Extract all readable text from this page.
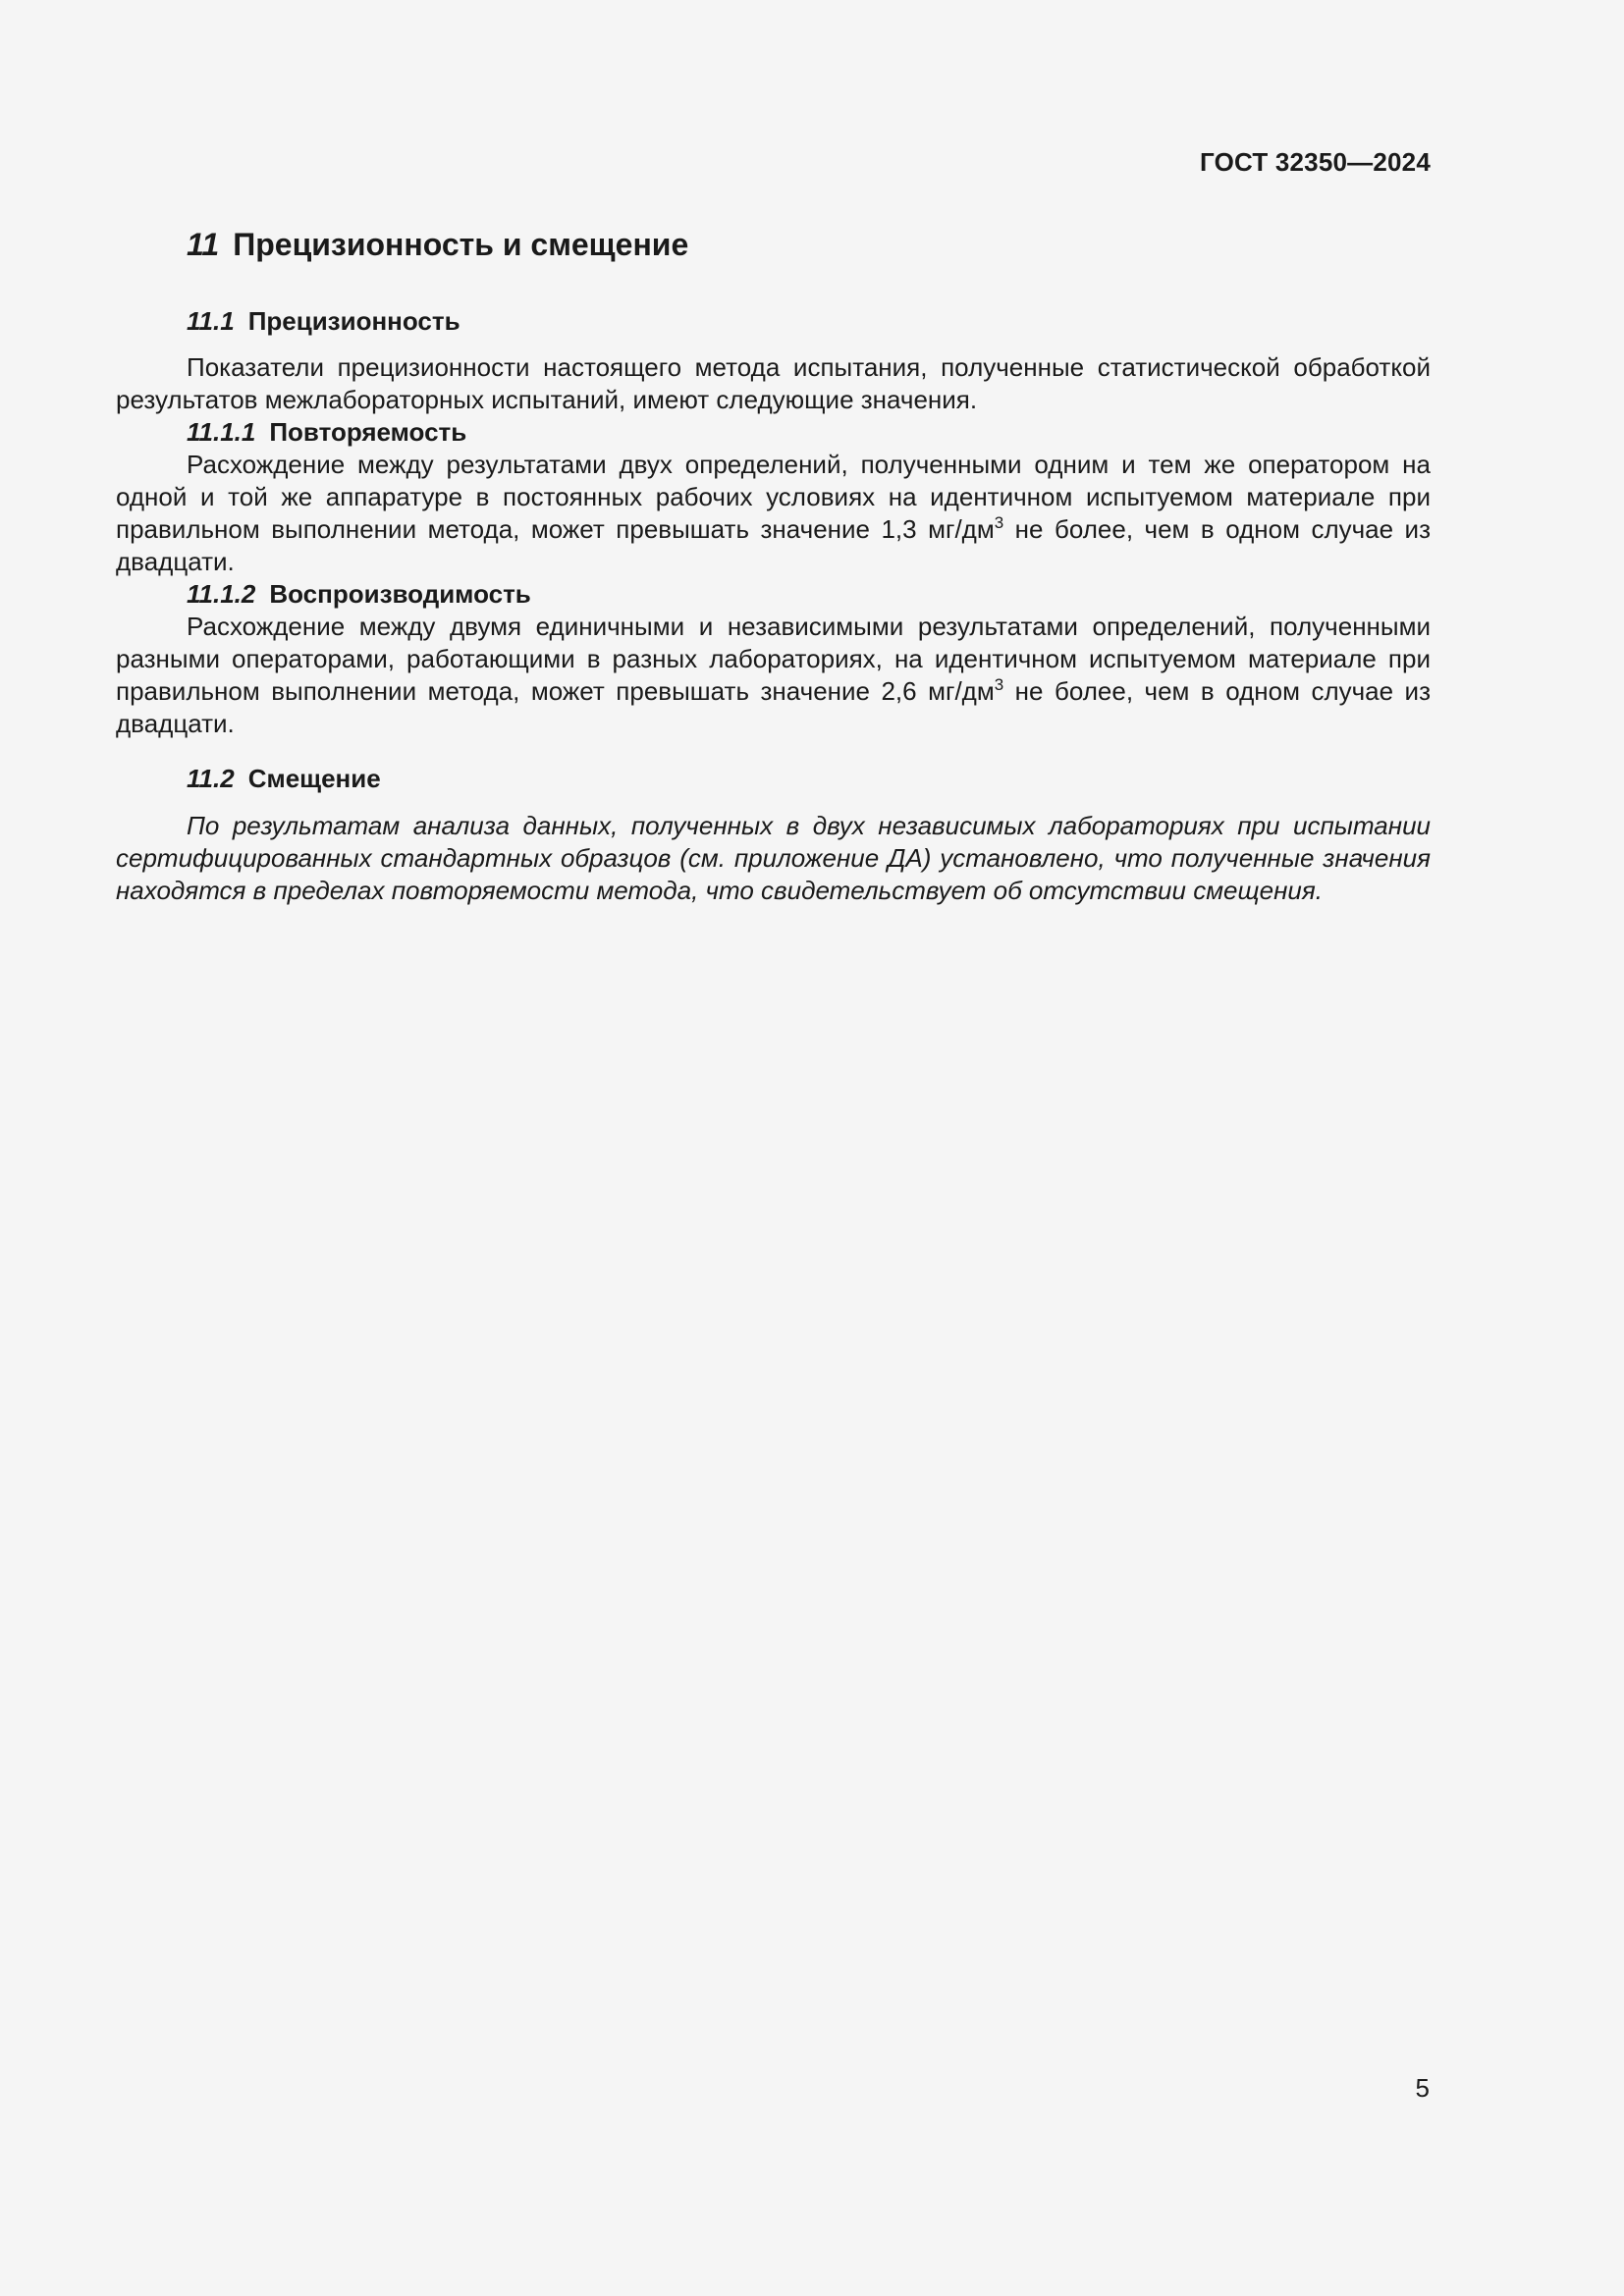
ГОСТ 32350—2024
11 Прецизионность и смещение
11.1 Прецизионность

Показатели прецизионности настоящего метода испытания, полученные статистической обработкой результатов межлабораторных испытаний, имеют следующие значения.

11.1.1 Повторяемость

Расхождение между результатами двух определений, полученными одним и тем же оператором на одной и той же аппаратуре в постоянных рабочих условиях на идентичном испытуемом материале при правильном выполнении метода, может превышать значение 1,3 $мг/дм^3$ не более, чем в одном случае из двадцати.

11.1.2 Воспроизводимость

Расхождение между двумя единичными и независимыми результатами определений, полученными разными операторами, работающими в разных лабораториях, на идентичном испытуемом материале при правильном выполнении метода, может превышать значение 2,6 $мг/дм^3$ не более, чем в одном случае из двадцати.

11.2 Смещение

По результатам анализа данных, полученных в двух независимых лабораториях при испытании сертифицированных стандартных образцов (см. приложение ДА) установлено, что полученные значения находятся в пределах повторяемости метода, что свидетельствует об отсутствии смещения.

5
